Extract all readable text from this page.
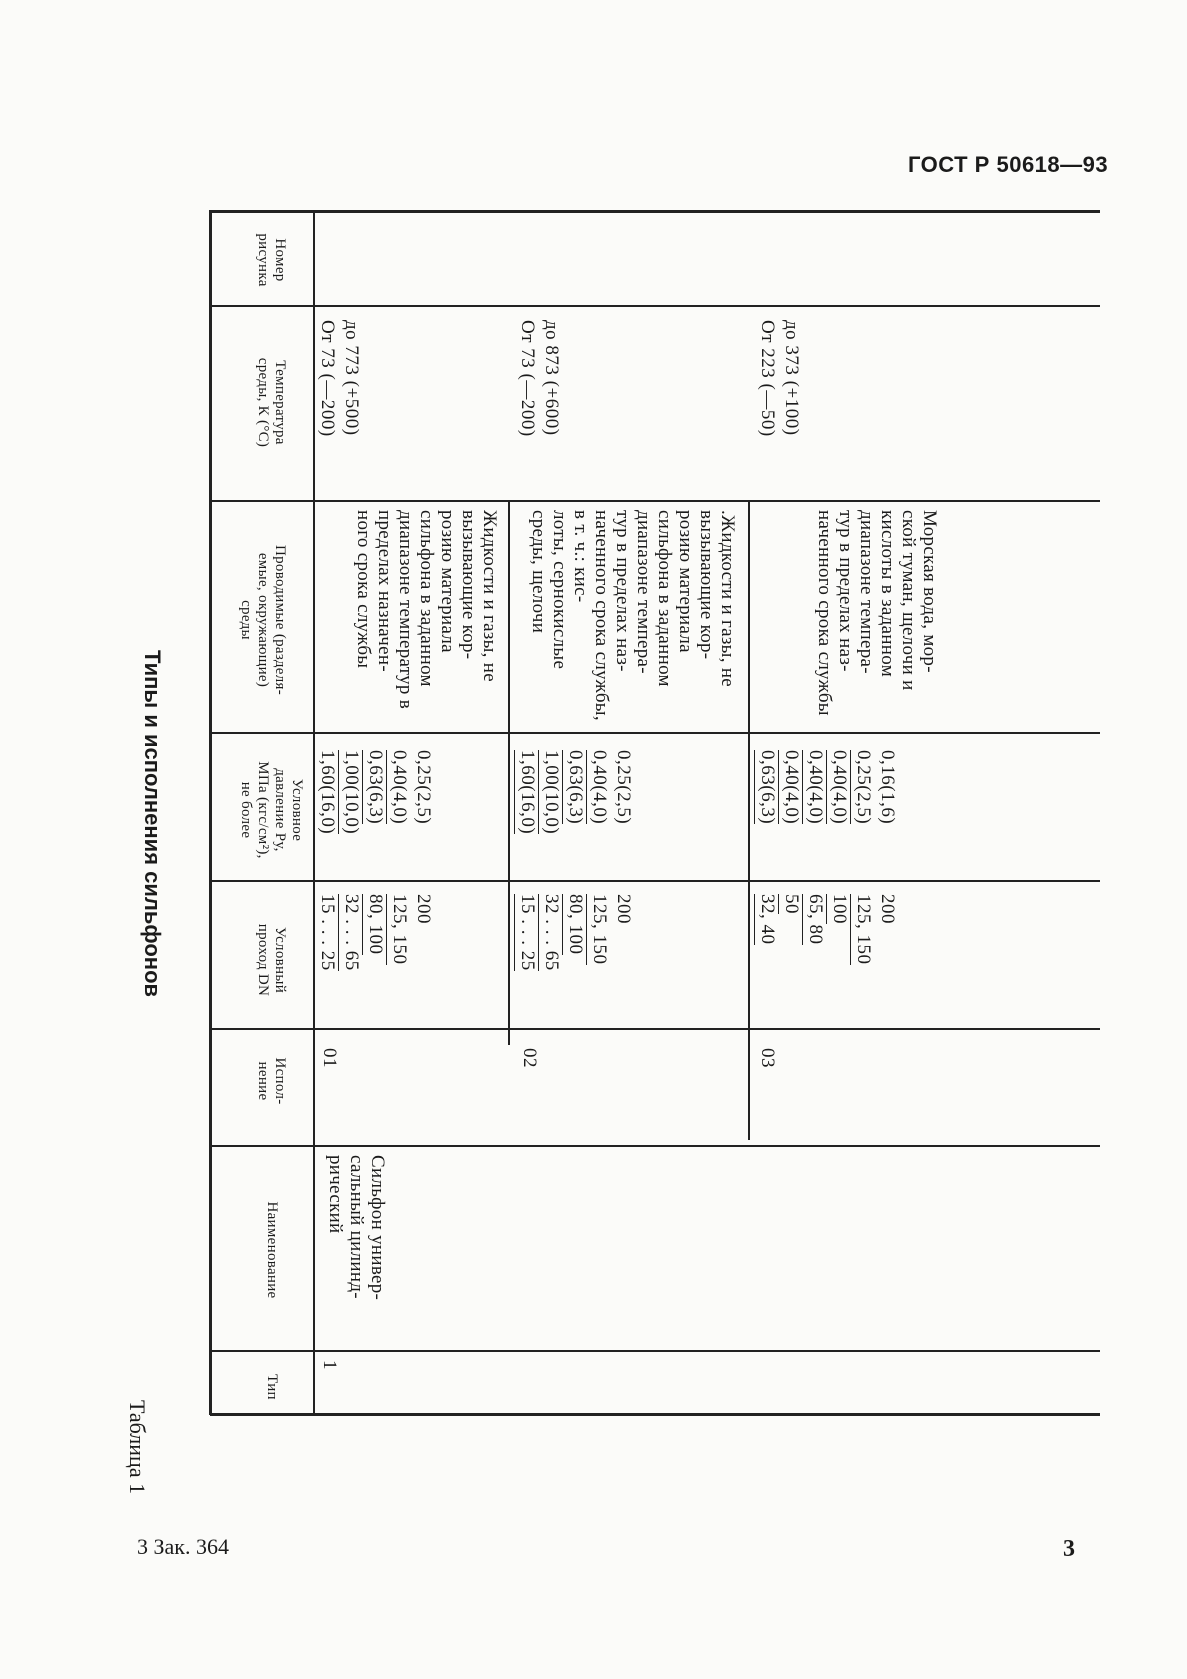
ГОСТ Р 50618—93
Таблица 1
Типы и исполнения сильфонов
Тип
Наименование
Испол-
нение
Условный
проход DN
Условное
давление Pу,
МПа (кгс/см²),
не более
Проводимые (разделя-
емые, окружающие)
среды
Температура
среды, К (°С)
Номер
рисунка
1
Сильфон универ-
сальный цилинд-
рический
01
15 . . . 25 32 . . . 65 80, 100 125, 150 200
1,60(16,0) 1,00(10,0) 0,63(6,3) 0,40(4,0) 0,25(2,5)
Жидкости и газы, не вызывающие кор-
розию материала сильфона в заданном диапазоне температур в пределах назначен-
ного срока службы
От 73 (—200) до 773 (+500)
02
15 . . . 25 32 . . . 65 80, 100 125, 150 200
1,60(16,0) 1,00(10,0) 0,63(6,3) 0,40(4,0) 0,25(2,5)
.Жидкости и газы, не вызывающие кор-
розию материала сильфона в заданном диапазоне темпера-
тур в пределах наз-
наченного срока службы, в т. ч.: кис-
лоты, сернокислые среды, щелочи
От 73 (—200) до 873 (+600)
03
32, 40 50 65, 80 100 125, 150 200
0,63(6,3) 0,40(4,0) 0,40(4,0) 0,40(4,0) 0,25(2,5) 0,16(1,6)
Морская вода, мор-
ской туман, щелочи и кислоты в заданном диапазоне темпера-
тур в пределах наз-
наченного срока службы
От 223 (—50) до 373 (+100)
3 Зак. 364	3
